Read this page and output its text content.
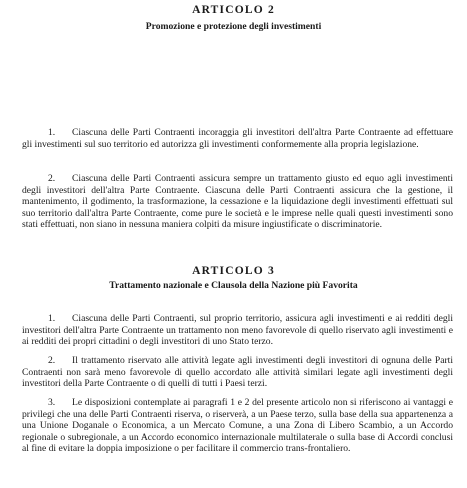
ARTICOLO 2
Promozione e protezione degli investimenti

1. Ciascuna delle Parti Contraenti incoraggia gli investitori dell'altra Parte Contraente ad effettuare gli investimenti sul suo territorio ed autorizza gli investimenti conformemente alla propria legislazione.

2. Ciascuna delle Parti Contraenti assicura sempre un trattamento giusto ed equo agli investimenti degli investitori dell'altra Parte Contraente. Ciascuna delle Parti Contraenti assicura che la gestione, il mantenimento, il godimento, la trasformazione, la cessazione e la liquidazione degli investimenti effettuati sul suo territorio dall'altra Parte Contraente, come pure le società e le imprese nelle quali questi investimenti sono stati effettuati, non siano in nessuna maniera colpiti da misure ingiustificate o discriminatorie.

ARTICOLO 3
Trattamento nazionale e Clausola della Nazione più Favorita

1. Ciascuna delle Parti Contraenti, sul proprio territorio, assicura agli investimenti e ai redditi degli investitori dell'altra Parte Contraente un trattamento non meno favorevole di quello riservato agli investimenti e ai redditi dei propri cittadini o degli investitori di uno Stato terzo.

2. Il trattamento riservato alle attività legate agli investimenti degli investitori di ognuna delle Parti Contraenti non sarà meno favorevole di quello accordato alle attività similari legate agli investimenti degli investitori della Parte Contraente o di quelli di tutti i Paesi terzi.

3. Le disposizioni contemplate ai paragrafi 1 e 2 del presente articolo non si riferiscono ai vantaggi e privilegi che una delle Parti Contraenti riserva, o riserverà, a un Paese terzo, sulla base della sua appartenenza a una Unione Doganale o Economica, a un Mercato Comune, a una Zona di Libero Scambio, a un Accordo regionale o subregionale, a un Accordo economico internazionale multilaterale o sulla base di Accordi conclusi al fine di evitare la doppia imposizione o per facilitare il commercio trans-frontaliero.
